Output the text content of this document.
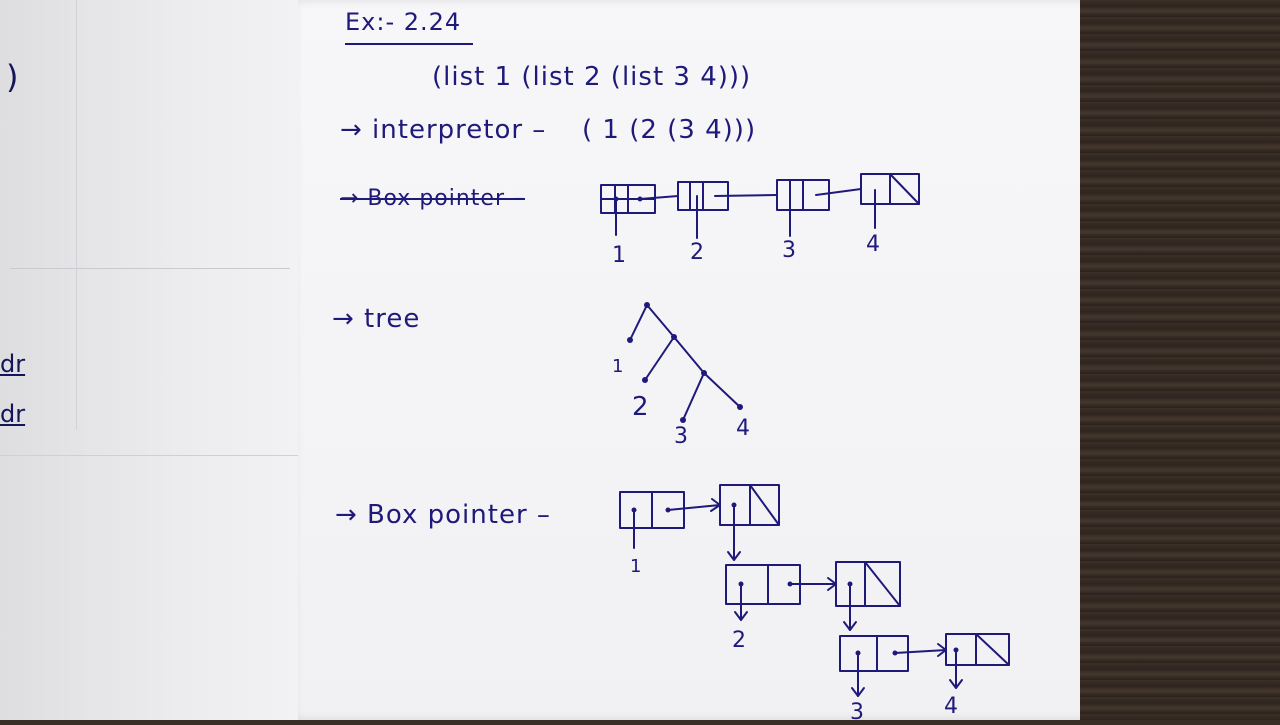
)
dr
dr
Ex:- 2.24
(list 1 (list 2 (list 3 4)))
→ interpretor – ( 1 (2 (3 4)))
→ Box pointer –
→ tree
→ Box pointer –
1	2	3	4
1
2
3 4
1
2
3	4
